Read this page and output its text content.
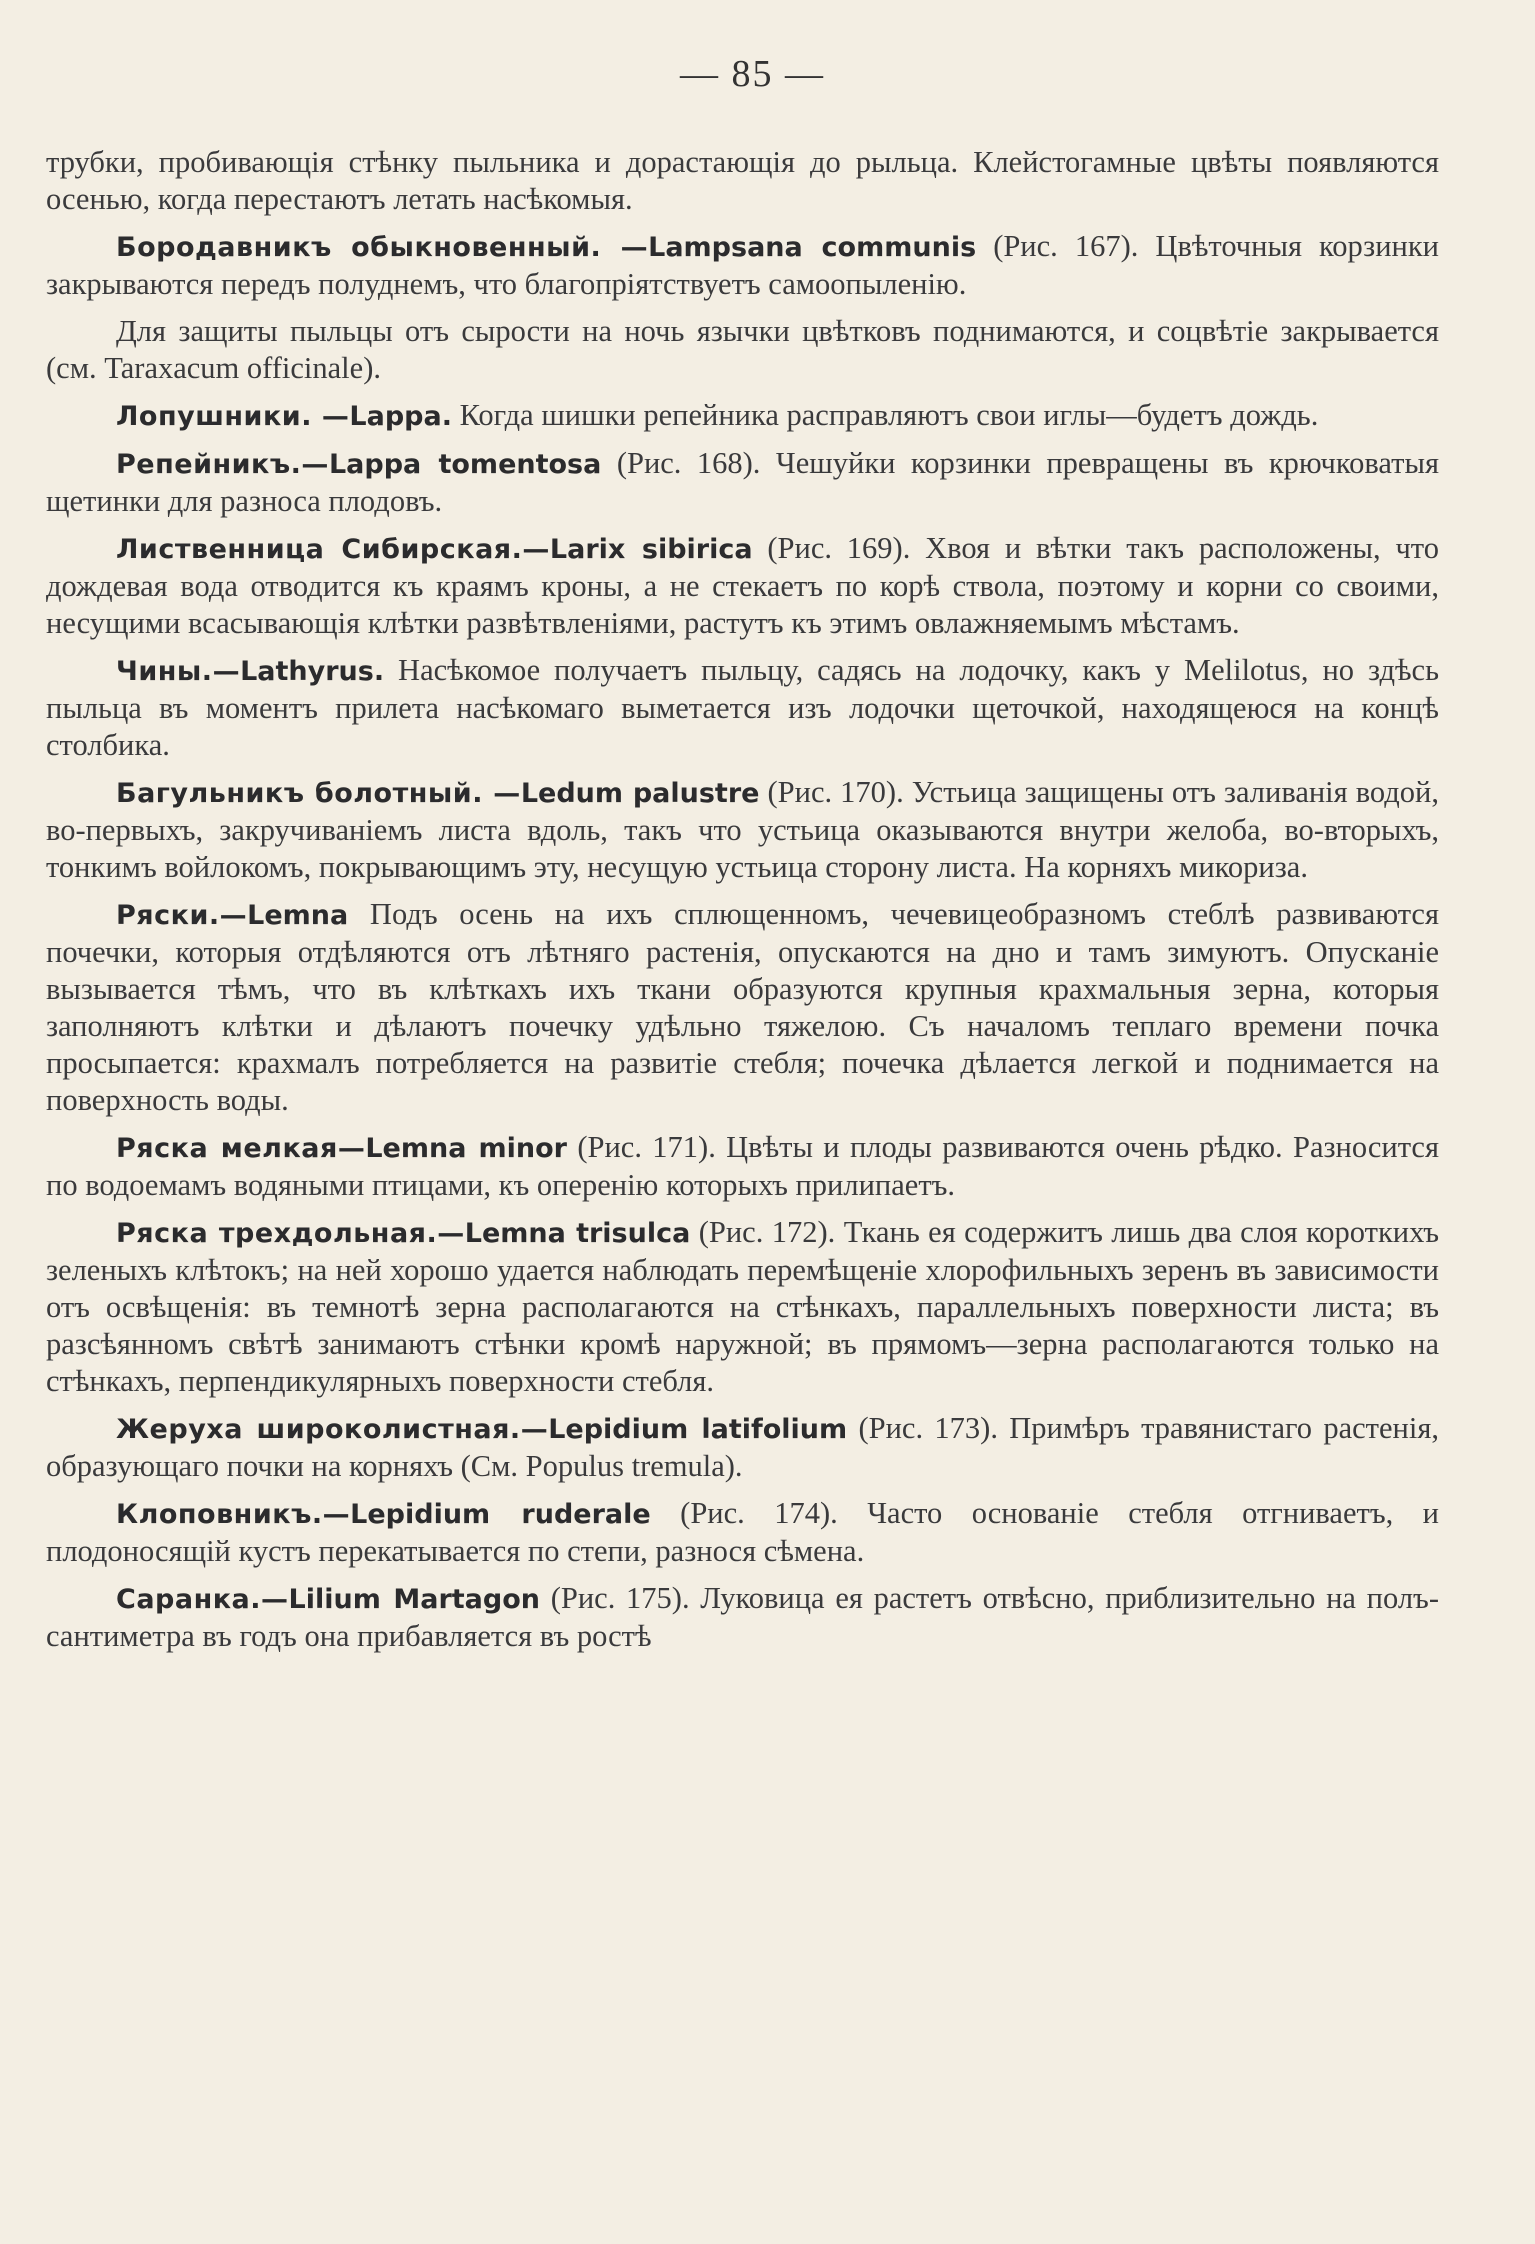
— 85 —

трубки, пробивающія стѣнку пыльника и дорастающія до рыльца. Клейстогамные цвѣты появляются осенью, когда перестаютъ летать насѣкомыя.

Бородавникъ обыкновенный. —Lampsana communis (Рис. 167). Цвѣточныя корзинки закрываются передъ полуднемъ, что благопріятствуетъ самоопыленію.

Для защиты пыльцы отъ сырости на ночь язычки цвѣтковъ поднимаются, и соцвѣтіе закрывается (см. Taraxacum officinale).

Лопушники. —Lappa. Когда шишки репейника расправляютъ свои иглы—будетъ дождь.

Репейникъ.—Lappa tomentosa (Рис. 168). Чешуйки корзинки превращены въ крючковатыя щетинки для разноса плодовъ.

Лиственница Сибирская.—Larix sibirica (Рис. 169). Хвоя и вѣтки такъ расположены, что дождевая вода отводится къ краямъ кроны, а не стекаетъ по корѣ ствола, поэтому и корни со своими, несущими всасывающія клѣтки развѣтвленіями, растутъ къ этимъ овлажняемымъ мѣстамъ.

Чины.—Lathyrus. Насѣкомое получаетъ пыльцу, садясь на лодочку, какъ у Melilotus, но здѣсь пыльца въ моментъ прилета насѣкомаго выметается изъ лодочки щеточкой, находящеюся на концѣ столбика.

Багульникъ болотный. —Ledum palustre (Рис. 170). Устьица защищены отъ заливанія водой, во-первыхъ, закручиваніемъ листа вдоль, такъ что устьица оказываются внутри желоба, во-вторыхъ, тонкимъ войлокомъ, покрывающимъ эту, несущую устьица сторону листа. На корняхъ микориза.

Ряски.—Lemna Подъ осень на ихъ сплющенномъ, чечевицеобразномъ стеблѣ развиваются почечки, которыя отдѣляются отъ лѣтняго растенія, опускаются на дно и тамъ зимуютъ. Опусканіе вызывается тѣмъ, что въ клѣткахъ ихъ ткани образуются крупныя крахмальныя зерна, которыя заполняютъ клѣтки и дѣлаютъ почечку удѣльно тяжелою. Съ началомъ теплаго времени почка просыпается: крахмалъ потребляется на развитіе стебля; почечка дѣлается легкой и поднимается на поверхность воды.

Ряска мелкая—Lemna minor (Рис. 171). Цвѣты и плоды развиваются очень рѣдко. Разносится по водоемамъ водяными птицами, къ оперенію которыхъ прилипаетъ.

Ряска трехдольная.—Lemna trisulca (Рис. 172). Ткань ея содержитъ лишь два слоя короткихъ зеленыхъ клѣтокъ; на ней хорошо удается наблюдать перемѣщеніе хлорофильныхъ зеренъ въ зависимости отъ освѣщенія: въ темнотѣ зерна располагаются на стѣнкахъ, параллельныхъ поверхности листа; въ разсѣянномъ свѣтѣ занимаютъ стѣнки кромѣ наружной; въ прямомъ—зерна располагаются только на стѣнкахъ, перпендикулярныхъ поверхности стебля.

Жеруха широколистная.—Lepidium latifolium (Рис. 173). Примѣръ травянистаго растенія, образующаго почки на корняхъ (См. Populus tremula).

Клоповникъ.—Lepidium ruderale (Рис. 174). Часто основаніе стебля отгниваетъ, и плодоносящій кустъ перекатывается по степи, разнося сѣмена.

Саранка.—Lilium Martagon (Рис. 175). Луковица ея растетъ отвѣсно, приблизительно на полъ-сантиметра въ годъ она прибавляется въ ростѣ
